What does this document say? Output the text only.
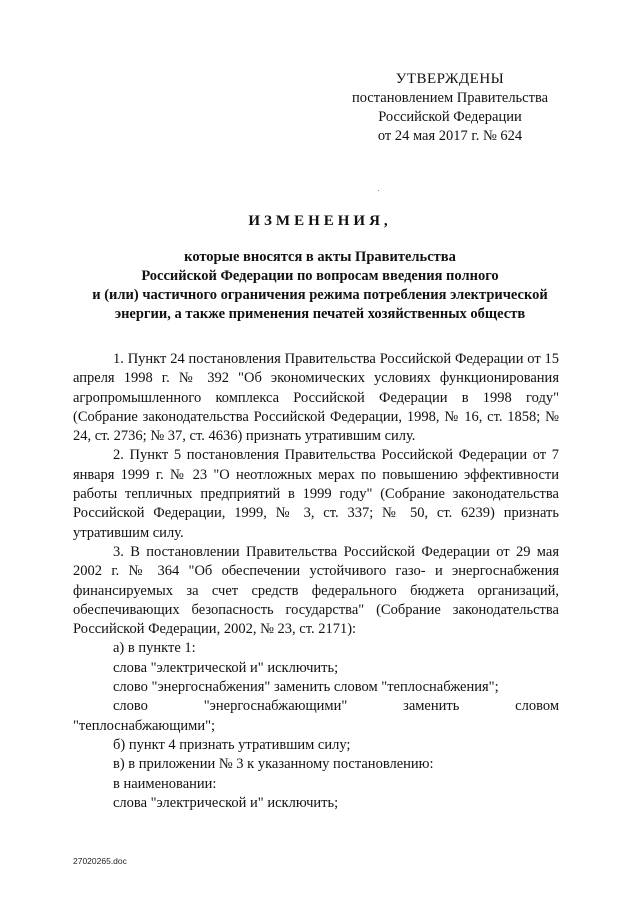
УТВЕРЖДЕНЫ
постановлением Правительства
Российской Федерации
от 24 мая 2017 г. № 624
ИЗМЕНЕНИЯ,
которые вносятся в акты Правительства
Российской Федерации по вопросам введения полного
и (или) частичного ограничения режима потребления электрической
энергии, а также применения печатей хозяйственных обществ

1. Пункт 24 постановления Правительства Российской Федерации от 15 апреля 1998 г. № 392 "Об экономических условиях функционирования агропромышленного комплекса Российской Федерации в 1998 году" (Собрание законодательства Российской Федерации, 1998, № 16, ст. 1858; № 24, ст. 2736; № 37, ст. 4636) признать утратившим силу.

2. Пункт 5 постановления Правительства Российской Федерации от 7 января 1999 г. № 23 "О неотложных мерах по повышению эффективности работы тепличных предприятий в 1999 году" (Собрание законодательства Российской Федерации, 1999, № 3, ст. 337; № 50, ст. 6239) признать утратившим силу.

3. В постановлении Правительства Российской Федерации от 29 мая 2002 г. № 364 "Об обеспечении устойчивого газо- и энергоснабжения финансируемых за счет средств федерального бюджета организаций, обеспечивающих безопасность государства" (Собрание законодательства Российской Федерации, 2002, № 23, ст. 2171):

а) в пункте 1:

слова "электрической и" исключить;

слово "энергоснабжения" заменить словом "теплоснабжения";

слово "энергоснабжающими" заменить словом

"теплоснабжающими";

б) пункт 4 признать утратившим силу;

в) в приложении № 3 к указанному постановлению:

в наименовании:

слова "электрической и" исключить;

27020265.doc
